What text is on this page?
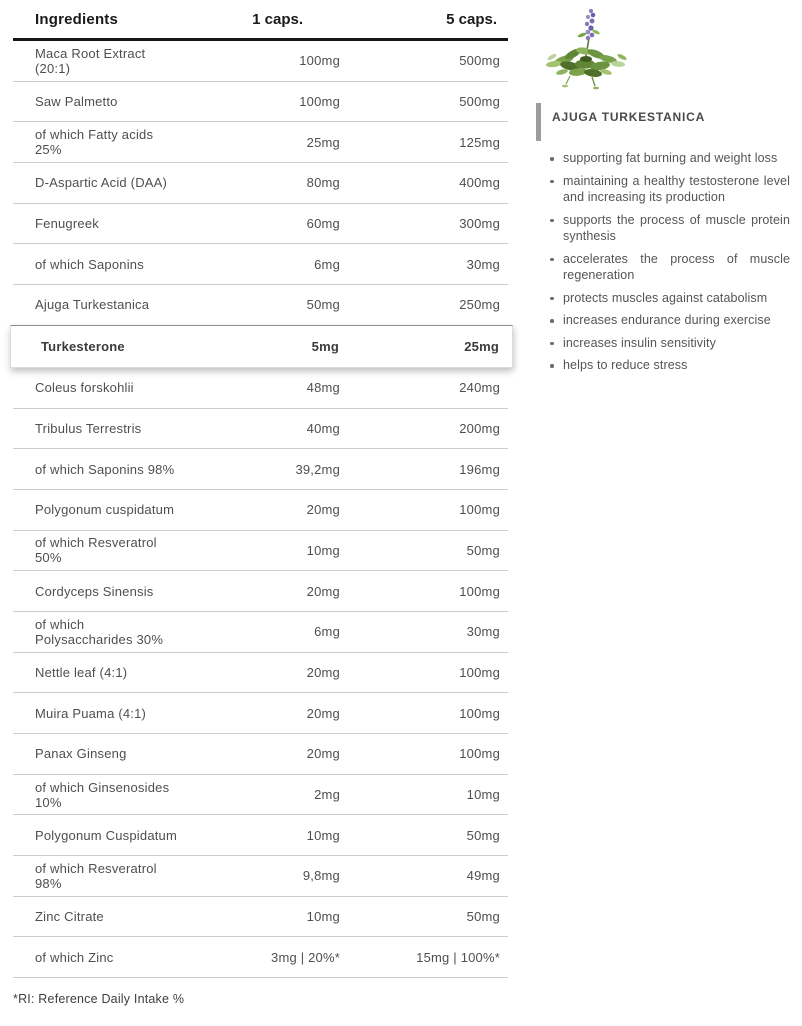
Ingredients	1 caps.	5 caps.
Maca Root Extract (20:1)	100mg	500mg
Saw Palmetto	100mg	500mg
of which Fatty acids 25%	25mg	125mg
D-Aspartic Acid (DAA)	80mg	400mg
Fenugreek	60mg	300mg
of which Saponins	6mg	30mg
Ajuga Turkestanica	50mg	250mg
Turkesterone	5mg	25mg
Coleus forskohlii	48mg	240mg
Tribulus Terrestris	40mg	200mg
of which Saponins 98%	39,2mg	196mg
Polygonum cuspidatum	20mg	100mg
of which Resveratrol 50%	10mg	50mg
Cordyceps Sinensis	20mg	100mg
of which Polysaccharides 30%	6mg	30mg
Nettle leaf (4:1)	20mg	100mg
Muira Puama (4:1)	20mg	100mg
Panax Ginseng	20mg	100mg
of which Ginsenosides 10%	2mg	10mg
Polygonum Cuspidatum	10mg	50mg
of which Resveratrol 98%	9,8mg	49mg
Zinc Citrate	10mg	50mg
of which Zinc	3mg | 20%*	15mg | 100%*
*RI: Reference Daily Intake %
AJUGA TURKESTANICA
supporting fat burning and weight loss
maintaining a healthy testosterone level and increasing its production
supports the process of muscle protein synthesis
accelerates the process of muscle regeneration
protects muscles against catabolism
increases endurance during exercise
increases insulin sensitivity
helps to reduce stress
